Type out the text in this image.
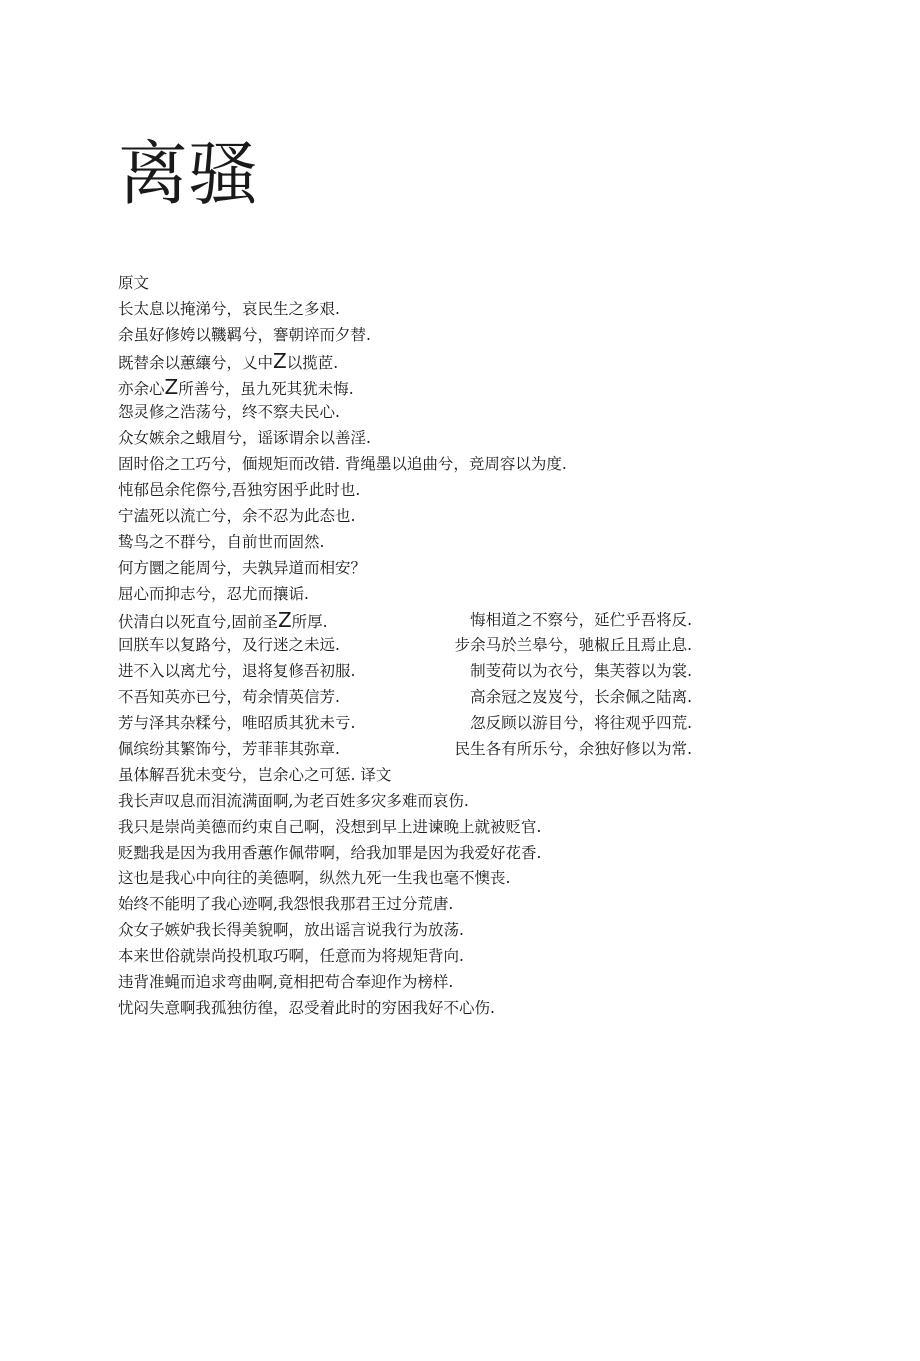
离骚
原文
长太息以掩涕兮，哀民生之多艰.
余虽好修姱以鞿羁兮，謇朝谇而夕替.
既替余以蕙纕兮，乂中Z以揽茝.
亦余心Z所善兮，虽九死其犹未悔.
怨灵修之浩荡兮，终不察夫民心.
众女嫉余之蛾眉兮，谣诼谓余以善淫.
固时俗之工巧兮，偭规矩而改错. 背绳墨以追曲兮，竞周容以为度.
忳郁邑余侘傺兮,吾独穷困乎此时也.
宁溘死以流亡兮，余不忍为此态也.
鸷鸟之不群兮，自前世而固然.
何方圜之能周兮，夫孰异道而相安？
屈心而抑志兮，忍尤而攘诟.
伏清白以死直兮,固前圣Z所厚.	悔相道之不察兮，延伫乎吾将反.
回朕车以复路兮，及行迷之未远.	步余马於兰皋兮，驰椒丘且焉止息.
进不入以离尤兮，退将复修吾初服.	制芰荷以为衣兮，集芙蓉以为裳.
不吾知英亦已兮，苟余情英信芳.	高余冠之岌岌兮，长余佩之陆离.
芳与泽其杂糅兮，唯昭质其犹未亏.	忽反顾以游目兮，将往观乎四荒.
佩缤纷其繁饰兮，芳菲菲其弥章.	民生各有所乐兮，余独好修以为常.
虽体解吾犹未变兮，岂余心之可惩. 译文
我长声叹息而泪流满面啊,为老百姓多灾多难而哀伤.
我只是崇尚美德而约束自己啊，没想到早上进谏晚上就被贬官.
贬黜我是因为我用香蕙作佩带啊，给我加罪是因为我爱好花香.
这也是我心中向往的美德啊，纵然九死一生我也毫不懊丧.
始终不能明了我心迹啊,我怨恨我那君王过分荒唐.
众女子嫉妒我长得美貌啊，放出谣言说我行为放荡.
本来世俗就崇尚投机取巧啊，任意而为将规矩背向.
违背准蝇而追求弯曲啊,竟相把苟合奉迎作为榜样.
忧闷失意啊我孤独彷徨，忍受着此时的穷困我好不心伤.
